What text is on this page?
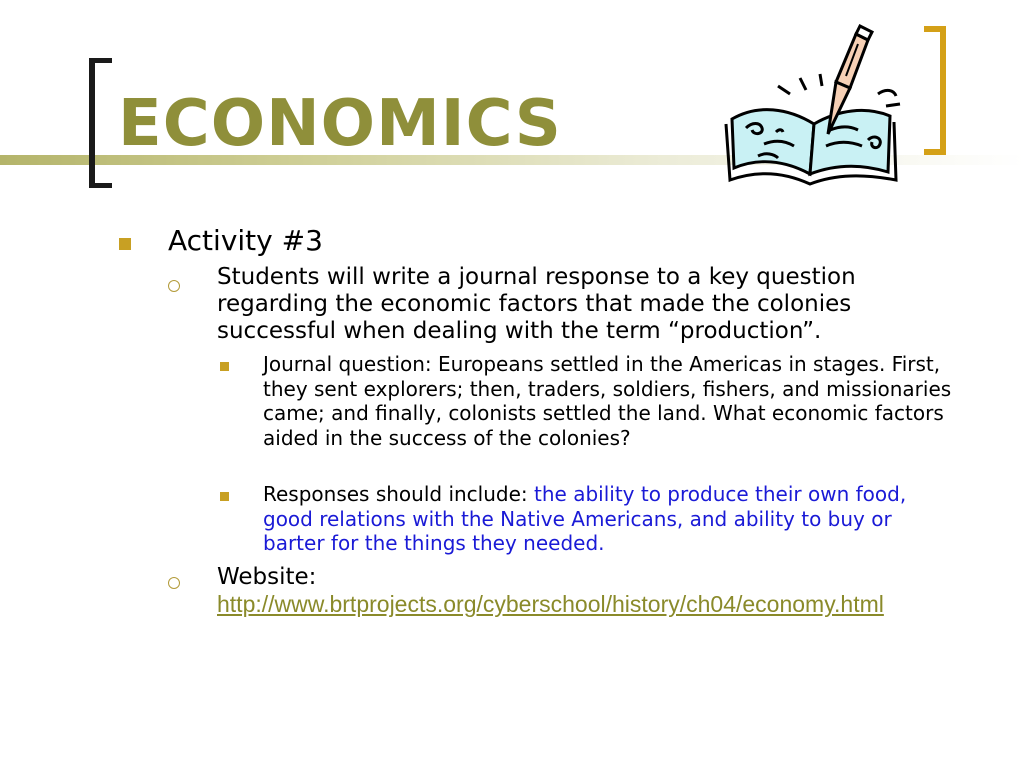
ECONOMICS
Activity #3
Students will write a journal response to a key question regarding the economic factors that made the colonies successful when dealing with the term “production”.
Journal question: Europeans settled in the Americas in stages. First, they sent explorers; then, traders, soldiers, fishers, and missionaries came; and finally, colonists settled the land. What economic factors aided in the success of the colonies?
Responses should include: the ability to produce their own food, good relations with the Native Americans, and ability to buy or barter for the things they needed.
Website:
http://www.brtprojects.org/cyberschool/history/ch04/economy.html
